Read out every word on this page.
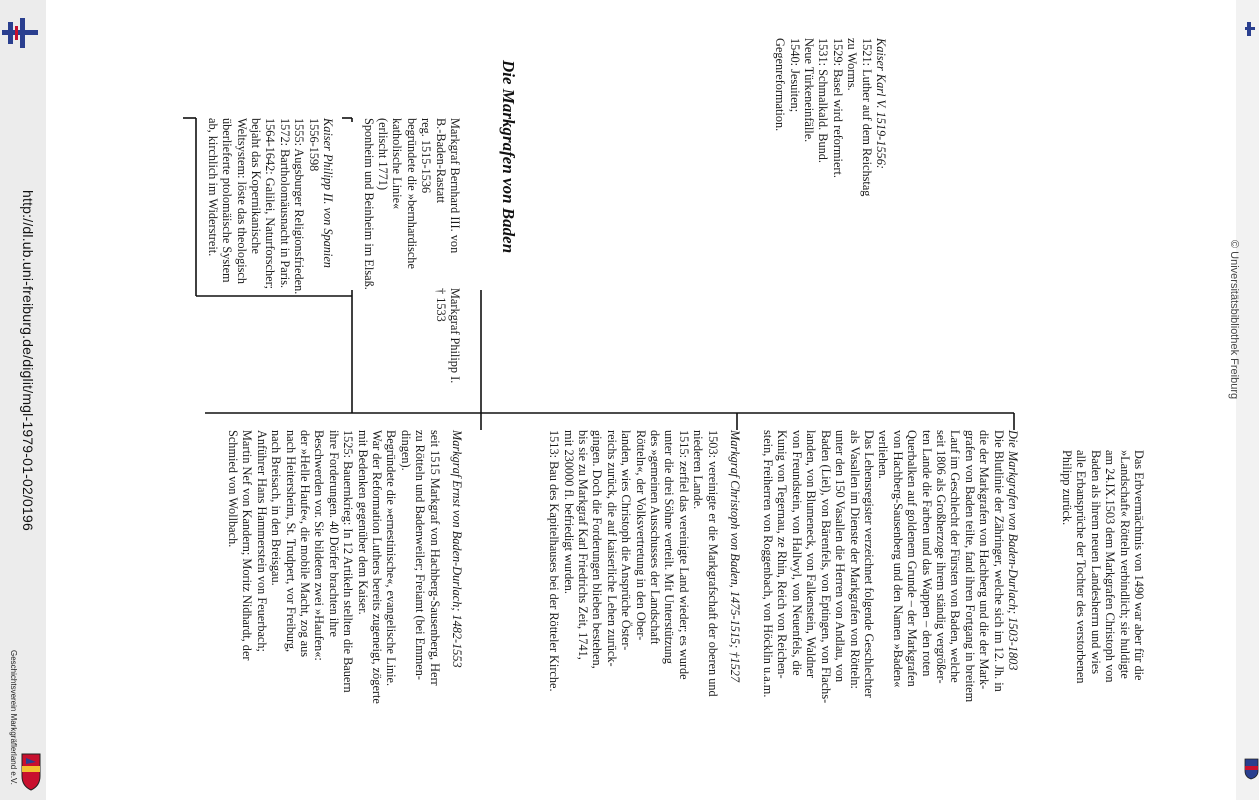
http://dl.ub.uni-freiburg.de/diglit/mgl-1979-01-02/0196
Geschichtsverein Markgräflerland e.V.
Die Markgrafen von Baden

Das Erbvermächtnis von 1490 war aber für die

»Landschaft« Rötteln verbindlich; sie huldigte

am 24.IX.1503 dem Markgrafen Christoph von

Baden als ihrem neuen Landesherrn und wies

alle Erbansprüche der Tochter des verstorbenen

Philipp zurück.

Die Markgrafen von Baden-Durlach; 1503-1803

Die Blutlinie der Zähringer, welche sich im 12. Jh. in

die der Markgrafen von Hachberg und die der Mark-

grafen von Baden teilte, fand ihren Fortgang in breitem

Lauf im Geschlecht der Fürsten von Baden, welche

seit 1806 als Großherzoge ihrem ständig vergrößer-

ten Lande die Farben und das Wappen – den roten

Querbalken auf goldenem Grunde – der Markgrafen

von Hachberg-Sausenberg und den Namen »Baden«

verliehen.

Das Lehensregister verzeichnet folgende Geschlechter

als Vasallen im Dienste der Markgrafen von Rötteln:

unter den 150 Vasallen die Herren von Andlau, von

Baden (Liel), von Bärenfels, von Eptingen, von Flachs-

landen, von Blumeneck, von Falkenstein, Waldner

von Freundstein, von Hallwyl, von Neuenfels, die

Kunig von Tegernau, ze Rhin, Reich von Reichen-

stein, Freiherren von Roggenbach, von Höcklin u.a.m.

Markgraf Christoph von Baden, 1475-1515; †1527

1503: vereinigte er die Markgrafschaft der oberen und

niederen Lande.

1515: zerfiel das vereinigte Land wieder; es wurde

unter die drei Söhne verteilt. Mit Unterstützung

des »gemeinen Ausschusses der Landschaft

Rötteln«, der Volksvertretung in den Ober-

landen, wies Christoph die Ansprüche Öster-

reichs zurück, die auf kaiserliche Lehen zurück-

gingen. Doch die Forderungen blieben bestehen,

bis sie zu Markgraf Karl Friedrichs Zeit, 1741,

mit 230000 fl. befriedigt wurden.

1513: Bau des Kapitelhauses bei der Rötteler Kirche.

Markgraf Ernst von Baden-Durlach; 1482-1553

seit 1515 Markgraf von Hachberg-Sausenberg, Herr

zu Rötteln und Badenweiler; Freiamt (bei Emmen-

dingen).

Begründete die »ernestinische«, evangelische Linie.

War der Reformation Luthers bereits zugeneigt, zögerte

mit Bedenken gegenüber dem Kaiser.

1525: Bauernkrieg: In 12 Artikeln stellten die Bauern

ihre Forderungen. 40 Dörfer brachten ihre

Beschwerden vor. Sie bildeten zwei »Haufen«:

der »Helle Haufe«, die mobile Macht, zog aus

nach Heitersheim, St. Trudpert, vor Freiburg,

nach Breisach, in den Breisgau.

Anführer Hans Hammerstein von Feuerbach;

Martin Nef von Kandern; Moritz Nidhardt, der

Schmied von Wollbach.

Kaiser Karl V. 1519-1556:

1521: Luther auf dem Reichstag

zu Worms.

1529: Basel wird reformiert.

1531: Schmalkald. Bund.

Neue Türkeneinfälle.

1540: Jesuiten;

Gegenreformation.

Markgraf Philipp I.

† 1533

Markgraf Bernhard III. von

B.-Baden-Rastatt

reg. 1515-1536

begründete die »bernhardische

katholische Linie«

(erlischt 1771)

Sponheim und Beinheim im Elsaß.

Kaiser Philipp II. von Spanien

1556-1598

1555: Augsburger Religionsfrieden.

1572: Bartholomäusnacht in Paris.

1564-1642: Galilei, Naturforscher;

bejaht das Kopernikanische

Weltsystem: löste das theologisch

überlieferte ptolomäische System

ab, kirchlich im Widerstreit.

© Universitätsbibliothek Freiburg
